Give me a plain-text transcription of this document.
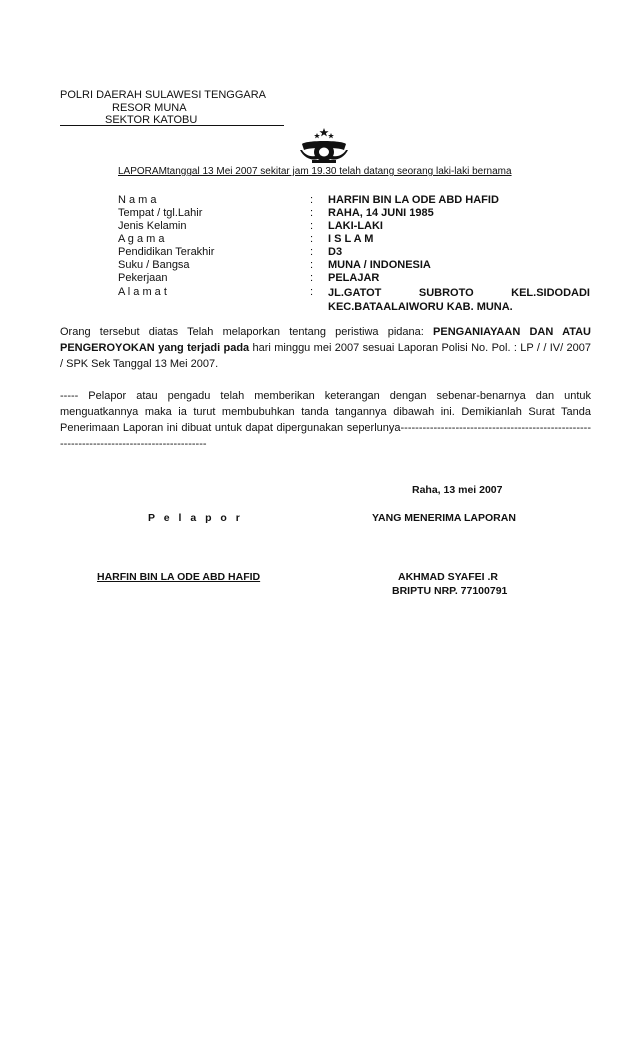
POLRI DAERAH SULAWESI TENGGARA
RESOR MUNA
SEKTOR KATOBU
LAPORAMtanggal 13 Mei 2007 sekitar jam 19.30 telah datang seorang laki-laki bernama
N a m a	: HARFIN BIN LA ODE ABD HAFID
Tempat / tgl.Lahir	: RAHA, 14 JUNI 1985
Jenis Kelamin	: LAKI-LAKI
A g a m a	: I S L A M
Pendidikan Terakhir	: D3
Suku / Bangsa	: MUNA / INDONESIA
Pekerjaan	: PELAJAR
A l a m a t	: JL.GATOT	SUBROTO	KEL.SIDODADI
KEC.BATAALAIWORU KAB. MUNA.
Orang tersebut diatas Telah melaporkan tentang peristiwa pidana: PENGANIAYAAN DAN ATAU PENGEROYOKAN yang terjadi pada hari minggu mei 2007 sesuai Laporan Polisi No. Pol. : LP / / IV/ 2007 / SPK Sek Tanggal 13 Mei 2007.
----- Pelapor atau pengadu telah memberikan keterangan dengan sebenar-benarnya dan untuk menguatkannya maka ia turut membubuhkan tanda tangannya dibawah ini. Demikianlah Surat Tanda Penerimaan Laporan ini dibuat untuk dapat dipergunakan seperlunya--------------------------------------------------------------------------------------------
Raha, 13 mei 2007
P e l a p o r	YANG MENERIMA LAPORAN
HARFIN BIN LA ODE ABD HAFID	AKHMAD SYAFEI .R
BRIPTU NRP. 77100791
